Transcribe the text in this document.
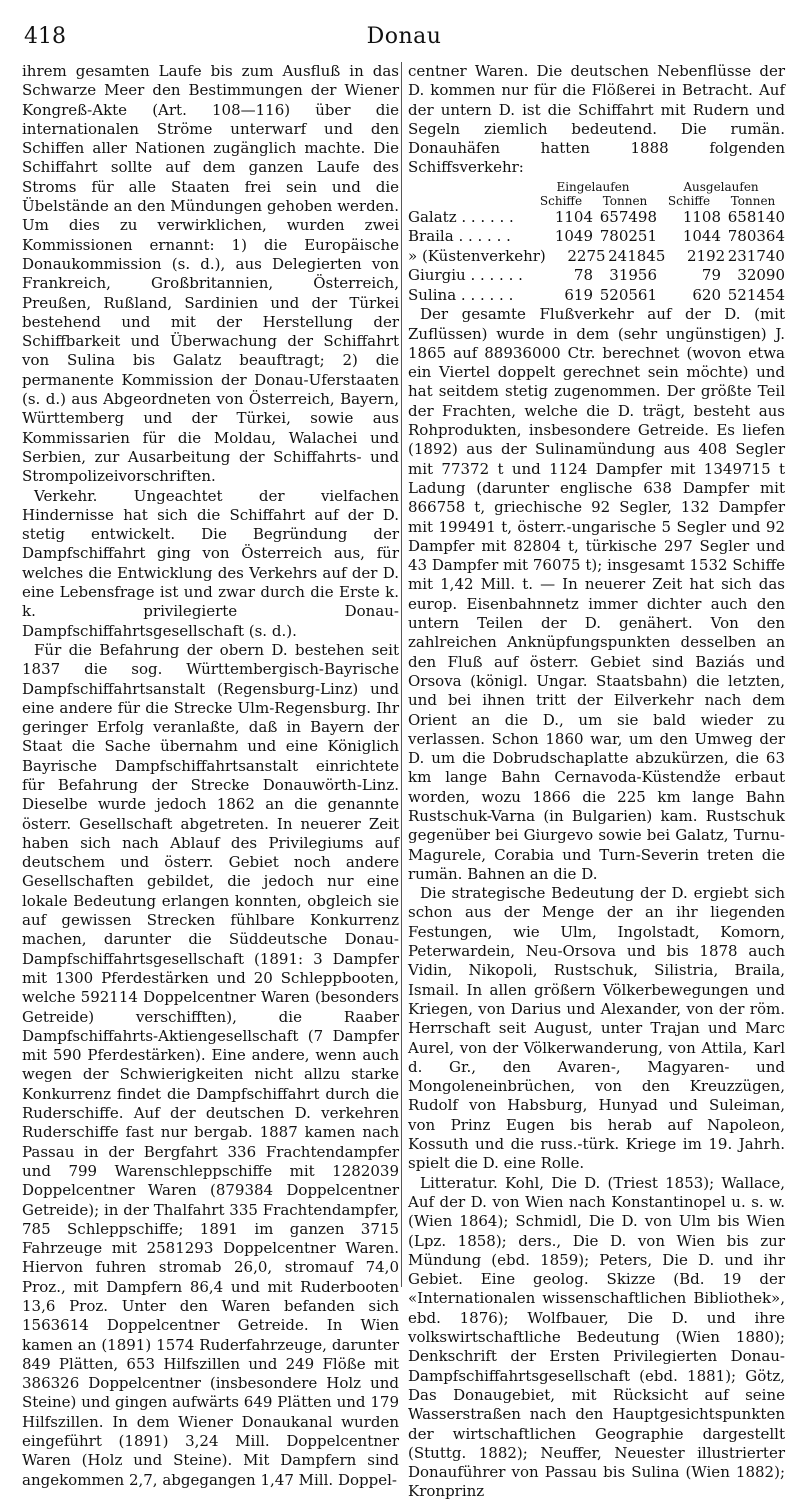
418	Donau

ihrem gesamten Laufe bis zum Ausfluß in das Schwarze Meer den Bestimmungen der Wiener Kongreß-Akte (Art. 108—116) über die internationalen Ströme unterwarf und den Schiffen aller Nationen zugänglich machte. Die Schiffahrt sollte auf dem ganzen Laufe des Stroms für alle Staaten frei sein und die Übelstände an den Mündungen gehoben werden. Um dies zu verwirklichen, wurden zwei Kommissionen ernannt: 1) die Europäische Donaukommission (s. d.), aus Delegierten von Frankreich, Großbritannien, Österreich, Preußen, Rußland, Sardinien und der Türkei bestehend und mit der Herstellung der Schiffbarkeit und Überwachung der Schiffahrt von Sulina bis Galatz beauftragt; 2) die permanente Kommission der Donau-Uferstaaten (s. d.) aus Abgeordneten von Österreich, Bayern, Württemberg und der Türkei, sowie aus Kommissarien für die Moldau, Walachei und Serbien, zur Ausarbeitung der Schiffahrts- und Strompolizeivorschriften.

Verkehr. Ungeachtet der vielfachen Hindernisse hat sich die Schiffahrt auf der D. stetig entwickelt. Die Begründung der Dampfschiffahrt ging von Österreich aus, für welches die Entwicklung des Verkehrs auf der D. eine Lebensfrage ist und zwar durch die Erste k. k. privilegierte Donau-Dampfschiffahrtsgesellschaft (s. d.).

Für die Befahrung der obern D. bestehen seit 1837 die sog. Württembergisch-Bayrische Dampfschiffahrtsanstalt (Regensburg-Linz) und eine andere für die Strecke Ulm-Regensburg. Ihr geringer Erfolg veranlaßte, daß in Bayern der Staat die Sache übernahm und eine Königlich Bayrische Dampfschiffahrtsanstalt einrichtete für Befahrung der Strecke Donauwörth-Linz. Dieselbe wurde jedoch 1862 an die genannte österr. Gesellschaft abgetreten. In neuerer Zeit haben sich nach Ablauf des Privilegiums auf deutschem und österr. Gebiet noch andere Gesellschaften gebildet, die jedoch nur eine lokale Bedeutung erlangen konnten, obgleich sie auf gewissen Strecken fühlbare Konkurrenz machen, darunter die Süddeutsche Donau-Dampfschiffahrtsgesellschaft (1891: 3 Dampfer mit 1300 Pferdestärken und 20 Schleppbooten, welche 592114 Doppelcentner Waren (besonders Getreide) verschifften), die Raaber Dampfschiffahrts-Aktiengesellschaft (7 Dampfer mit 590 Pferdestärken). Eine andere, wenn auch wegen der Schwierigkeiten nicht allzu starke Konkurrenz findet die Dampfschiffahrt durch die Ruderschiffe. Auf der deutschen D. verkehren Ruderschiffe fast nur bergab. 1887 kamen nach Passau in der Bergfahrt 336 Frachtendampfer und 799 Warenschleppschiffe mit 1282039 Doppelcentner Waren (879384 Doppelcentner Getreide); in der Thalfahrt 335 Frachtendampfer, 785 Schleppschiffe; 1891 im ganzen 3715 Fahrzeuge mit 2581293 Doppelcentner Waren. Hiervon fuhren stromab 26,0, stromauf 74,0 Proz., mit Dampfern 86,4 und mit Ruderbooten 13,6 Proz. Unter den Waren befanden sich 1563614 Doppelcentner Getreide. In Wien kamen an (1891) 1574 Ruderfahrzeuge, darunter 849 Plätten, 653 Hilfszillen und 249 Flöße mit 386326 Doppelcentner (insbesondere Holz und Steine) und gingen aufwärts 649 Plätten und 179 Hilfszillen. In dem Wiener Donaukanal wurden eingeführt (1891) 3,24 Mill. Doppelcentner Waren (Holz und Steine). Mit Dampfern sind angekommen 2,7, abgegangen 1,47 Mill. Doppel-

centner Waren. Die deutschen Nebenflüsse der D. kommen nur für die Flößerei in Betracht. Auf der untern D. ist die Schiffahrt mit Rudern und Segeln ziemlich bedeutend. Die rumän. Donauhäfen hatten 1888 folgenden Schiffsverkehr:

Eingelaufen	Ausgelaufen
Schiffe	Tonnen	Schiffe	Tonnen
Galatz . . . . . .	1104 657498	1108 658140
Braila . . . . . .	1049 780251	1044 780364
» (Küstenverkehr)	2275 241845	2192 231740
Giurgiu . . . . . .	78	31956	79	32090
Sulina . . . . . .	619 520561	620 521454

Der gesamte Flußverkehr auf der D. (mit Zuflüssen) wurde in dem (sehr ungünstigen) J. 1865 auf 88936000 Ctr. berechnet (wovon etwa ein Viertel doppelt gerechnet sein möchte) und hat seitdem stetig zugenommen. Der größte Teil der Frachten, welche die D. trägt, besteht aus Rohprodukten, insbesondere Getreide. Es liefen (1892) aus der Sulinamündung aus 408 Segler mit 77372 t und 1124 Dampfer mit 1349715 t Ladung (darunter englische 638 Dampfer mit 866758 t, griechische 92 Segler, 132 Dampfer mit 199491 t, österr.-ungarische 5 Segler und 92 Dampfer mit 82804 t, türkische 297 Segler und 43 Dampfer mit 76075 t); insgesamt 1532 Schiffe mit 1,42 Mill. t. — In neuerer Zeit hat sich das europ. Eisenbahnnetz immer dichter auch den untern Teilen der D. genähert. Von den zahlreichen Anknüpfungspunkten desselben an den Fluß auf österr. Gebiet sind Baziás und Orsova (königl. Ungar. Staatsbahn) die letzten, und bei ihnen tritt der Eilverkehr nach dem Orient an die D., um sie bald wieder zu verlassen. Schon 1860 war, um den Umweg der D. um die Dobrudschaplatte abzukürzen, die 63 km lange Bahn Cernavoda-Küstendže erbaut worden, wozu 1866 die 225 km lange Bahn Rustschuk-Varna (in Bulgarien) kam. Rustschuk gegenüber bei Giurgevo sowie bei Galatz, Turnu-Magurele, Corabia und Turn-Severin treten die rumän. Bahnen an die D.

Die strategische Bedeutung der D. ergiebt sich schon aus der Menge der an ihr liegenden Festungen, wie Ulm, Ingolstadt, Komorn, Peterwardein, Neu-Orsova und bis 1878 auch Vidin, Nikopoli, Rustschuk, Silistria, Braila, Ismail. In allen größern Völkerbewegungen und Kriegen, von Darius und Alexander, von der röm. Herrschaft seit August, unter Trajan und Marc Aurel, von der Völkerwanderung, von Attila, Karl d. Gr., den Avaren-, Magyaren- und Mongoleneinbrüchen, von den Kreuzzügen, Rudolf von Habsburg, Hunyad und Suleiman, von Prinz Eugen bis herab auf Napoleon, Kossuth und die russ.-türk. Kriege im 19. Jahrh. spielt die D. eine Rolle.

Litteratur. Kohl, Die D. (Triest 1853); Wallace, Auf der D. von Wien nach Konstantinopel u. s. w. (Wien 1864); Schmidl, Die D. von Ulm bis Wien (Lpz. 1858); ders., Die D. von Wien bis zur Mündung (ebd. 1859); Peters, Die D. und ihr Gebiet. Eine geolog. Skizze (Bd. 19 der «Internationalen wissenschaftlichen Bibliothek», ebd. 1876); Wolfbauer, Die D. und ihre volkswirtschaftliche Bedeutung (Wien 1880); Denkschrift der Ersten Privilegierten Donau-Dampfschiffahrtsgesellschaft (ebd. 1881); Götz, Das Donaugebiet, mit Rücksicht auf seine Wasserstraßen nach den Hauptgesichtspunkten der wirtschaftlichen Geographie dargestellt (Stuttg. 1882); Neuffer, Neuester illustrierter Donauführer von Passau bis Sulina (Wien 1882); Kronprinz
